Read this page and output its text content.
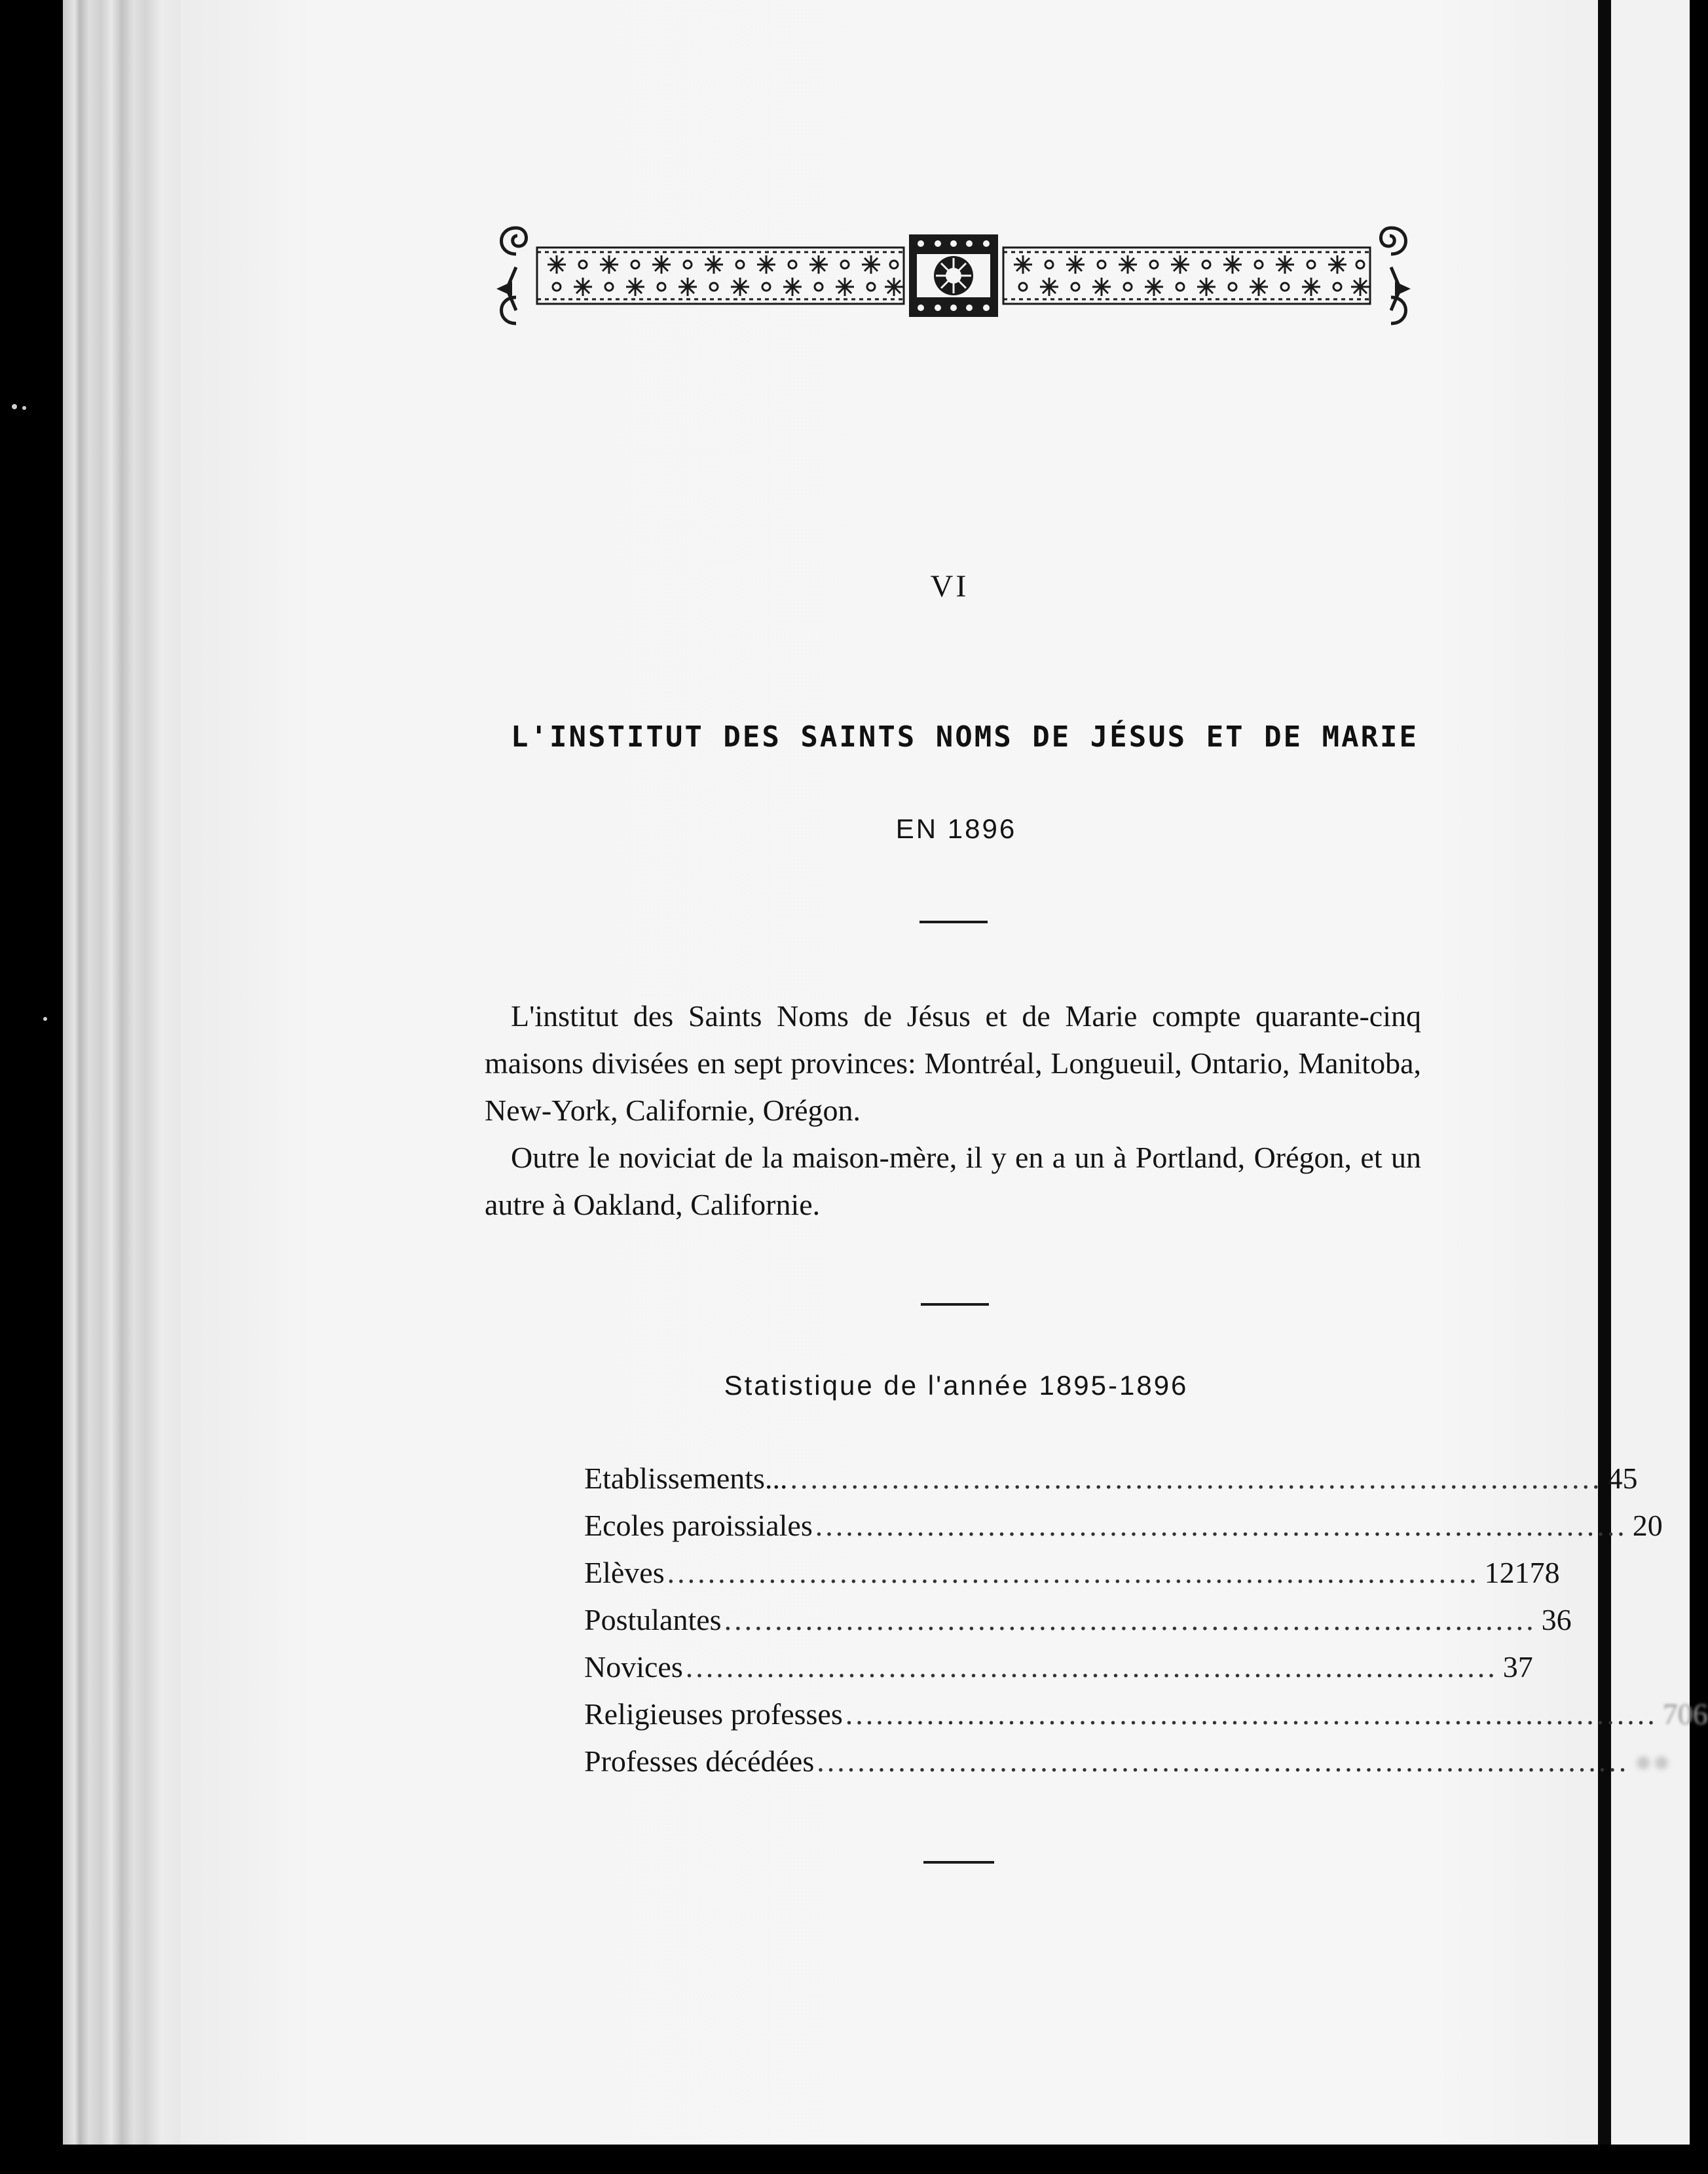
VI
L'INSTITUT DES SAINTS NOMS DE JÉSUS ET DE MARIE
EN 1896
L'institut des Saints Noms de Jésus et de Marie compte quarante-cinq maisons divisées en sept provinces: Montréal, Longueuil, Ontario, Manitoba, New-York, Californie, Orégon.
Outre le noviciat de la maison-mère, il y en a un à Portland, Orégon, et un autre à Oakland, Californie.
Statistique de l'année 1895-1896
Etablissements... ................................................................................ 45
Ecoles paroissiales ................................................................................ 20
Elèves ................................................................................ 12178
Postulantes ................................................................................ 36
Novices ................................................................................ 37
Religieuses professes ................................................................................ 706
Professes décédées ................................................................................ ●●
